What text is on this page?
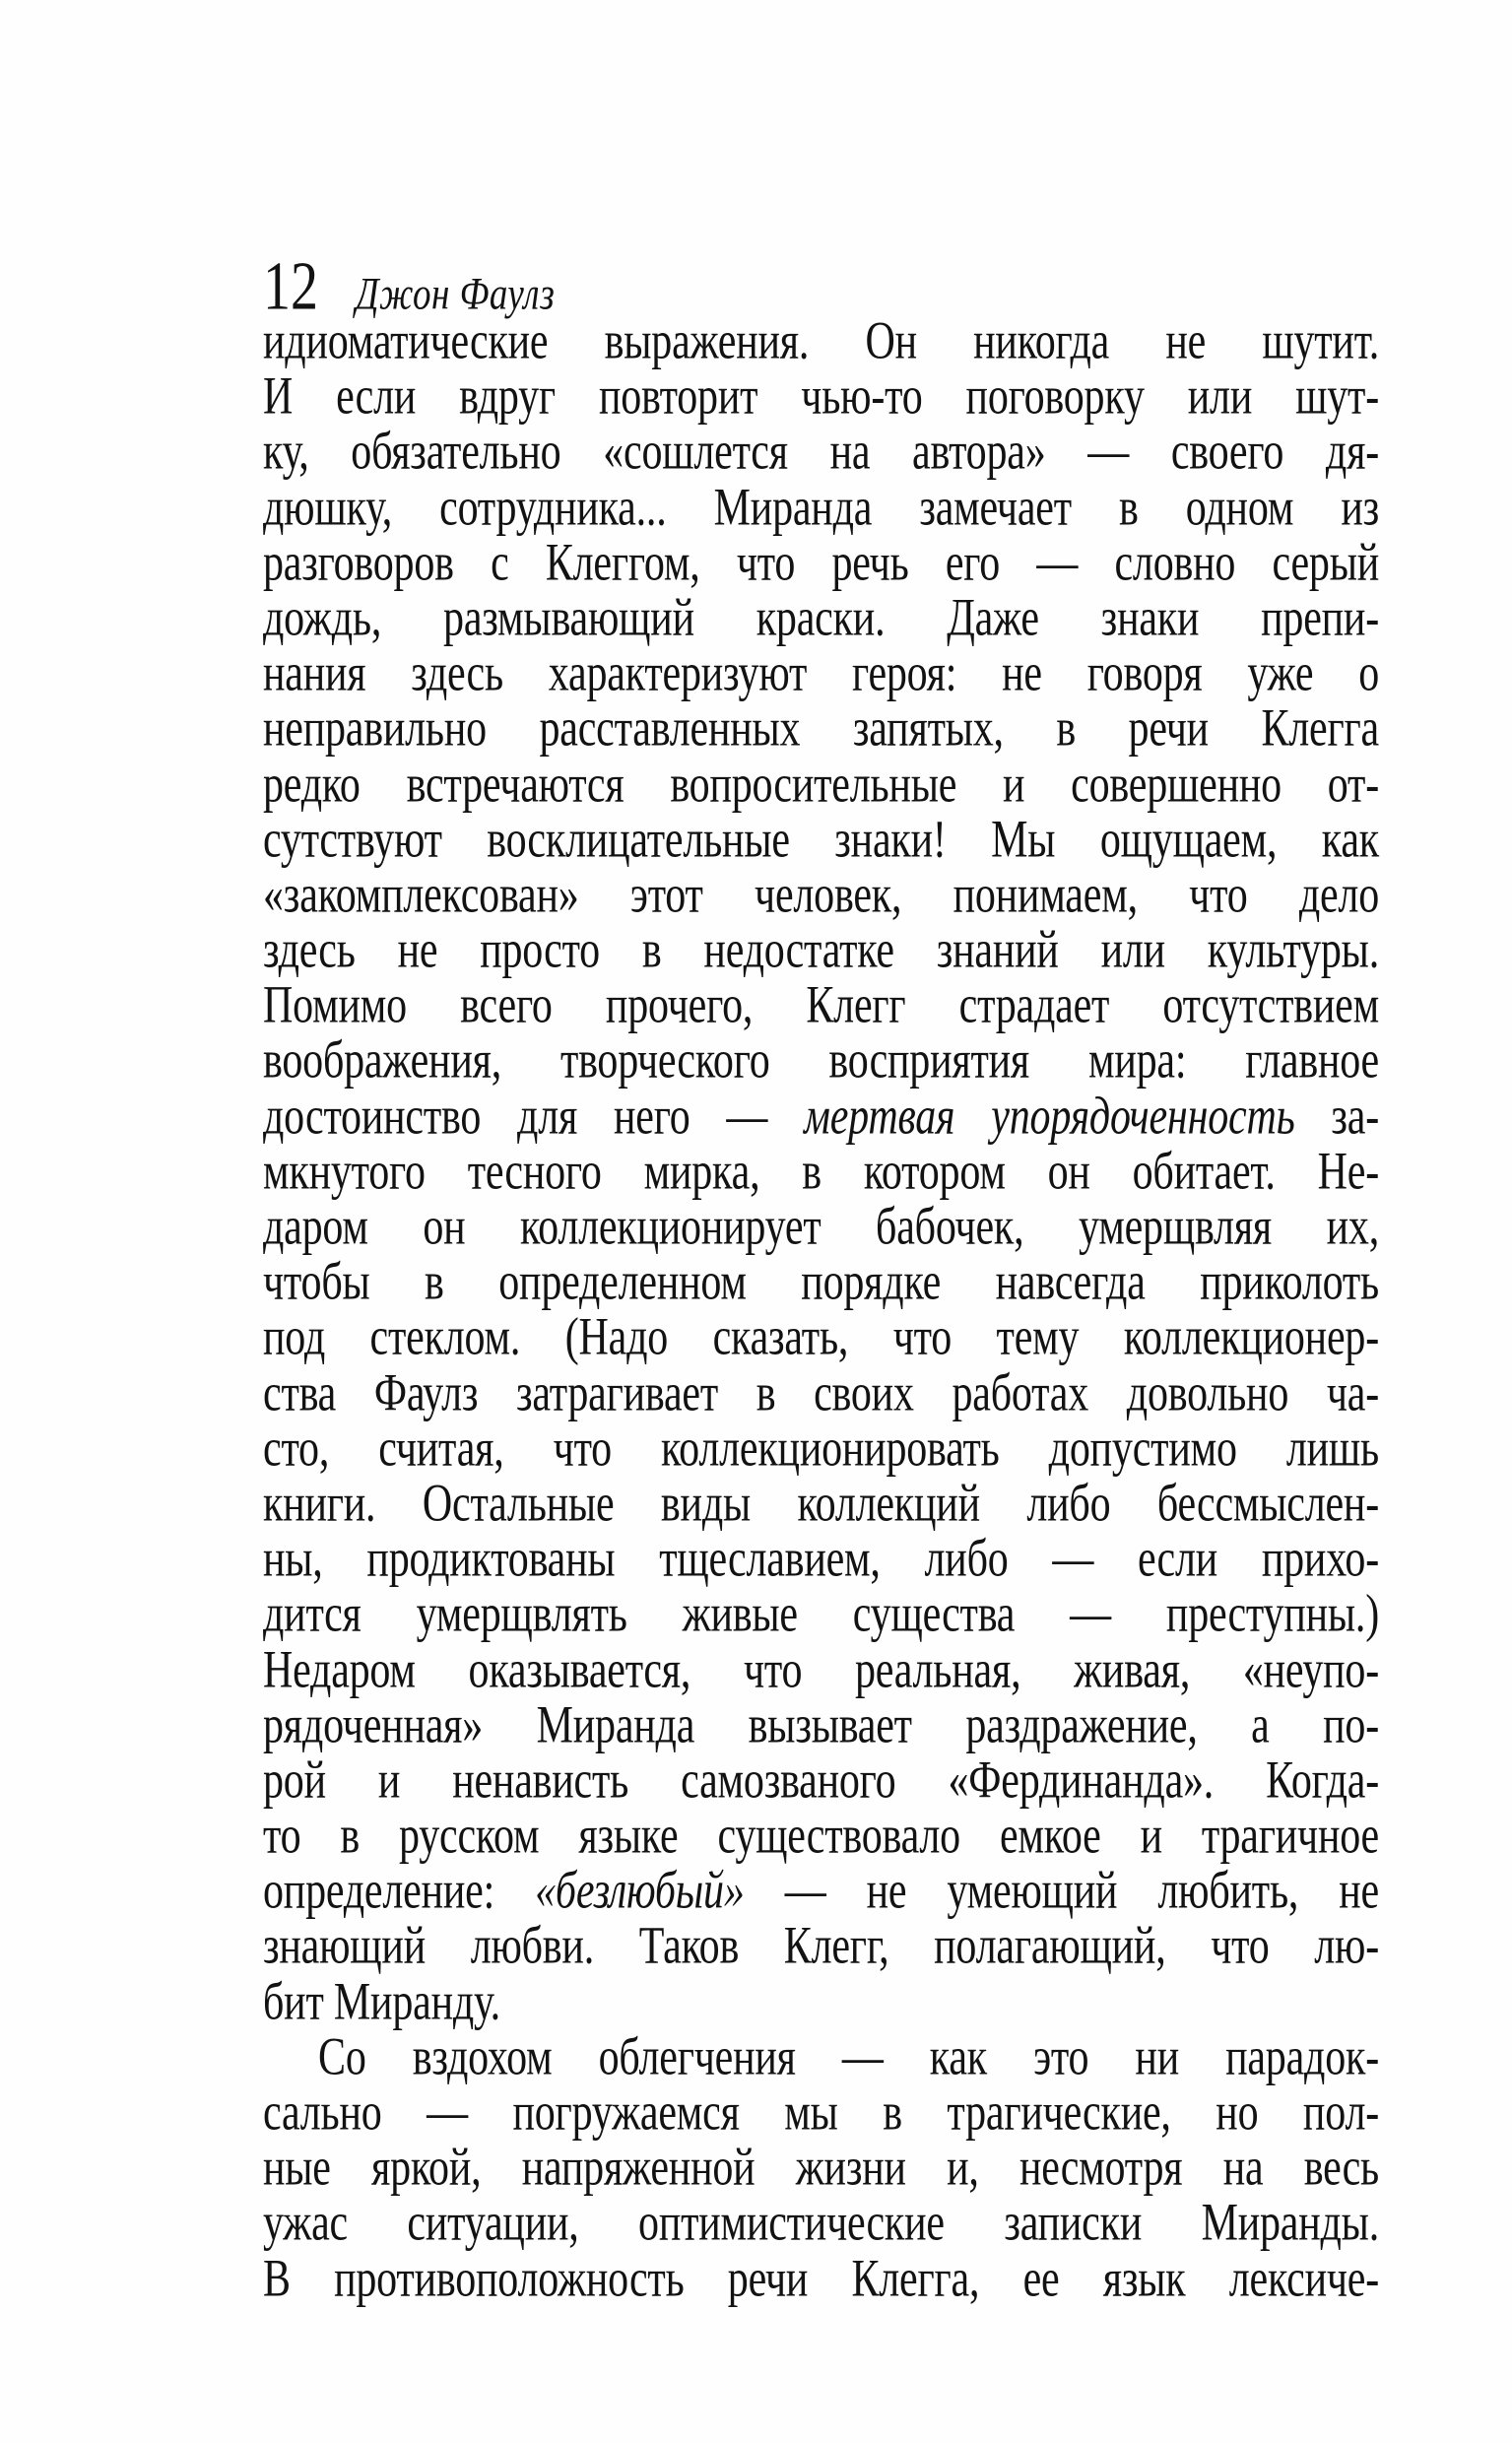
12 Джон Фаулз
идиоматические выражения. Он никогда не шутит.
И если вдруг повторит чью-то поговорку или шут-
ку, обязательно «сошлется на автора» — своего дя-
дюшку, сотрудника... Миранда замечает в одном из
разговоров с Клеггом, что речь его — словно серый
дождь, размывающий краски. Даже знаки препи-
нания здесь характеризуют героя: не говоря уже о
неправильно расставленных запятых, в речи Клегга
редко встречаются вопросительные и совершенно от-
сутствуют восклицательные знаки! Мы ощущаем, как
«закомплексован» этот человек, понимаем, что дело
здесь не просто в недостатке знаний или культуры.
Помимо всего прочего, Клегг страдает отсутствием
воображения, творческого восприятия мира: главное
достоинство для него — мертвая упорядоченность за-
мкнутого тесного мирка, в котором он обитает. Не-
даром он коллекционирует бабочек, умерщвляя их,
чтобы в определенном порядке навсегда приколоть
под стеклом. (Надо сказать, что тему коллекционер-
ства Фаулз затрагивает в своих работах довольно ча-
сто, считая, что коллекционировать допустимо лишь
книги. Остальные виды коллекций либо бессмыслен-
ны, продиктованы тщеславием, либо — если прихо-
дится умерщвлять живые существа — преступны.)
Недаром оказывается, что реальная, живая, «неупо-
рядоченная» Миранда вызывает раздражение, а по-
рой и ненависть самозваного «Фердинанда». Когда-
то в русском языке существовало емкое и трагичное
определение: «безлюбый» — не умеющий любить, не
знающий любви. Таков Клегг, полагающий, что лю-
бит Миранду.
Со вздохом облегчения — как это ни парадок-
сально — погружаемся мы в трагические, но пол-
ные яркой, напряженной жизни и, несмотря на весь
ужас ситуации, оптимистические записки Миранды.
В противоположность речи Клегга, ее язык лексиче-
